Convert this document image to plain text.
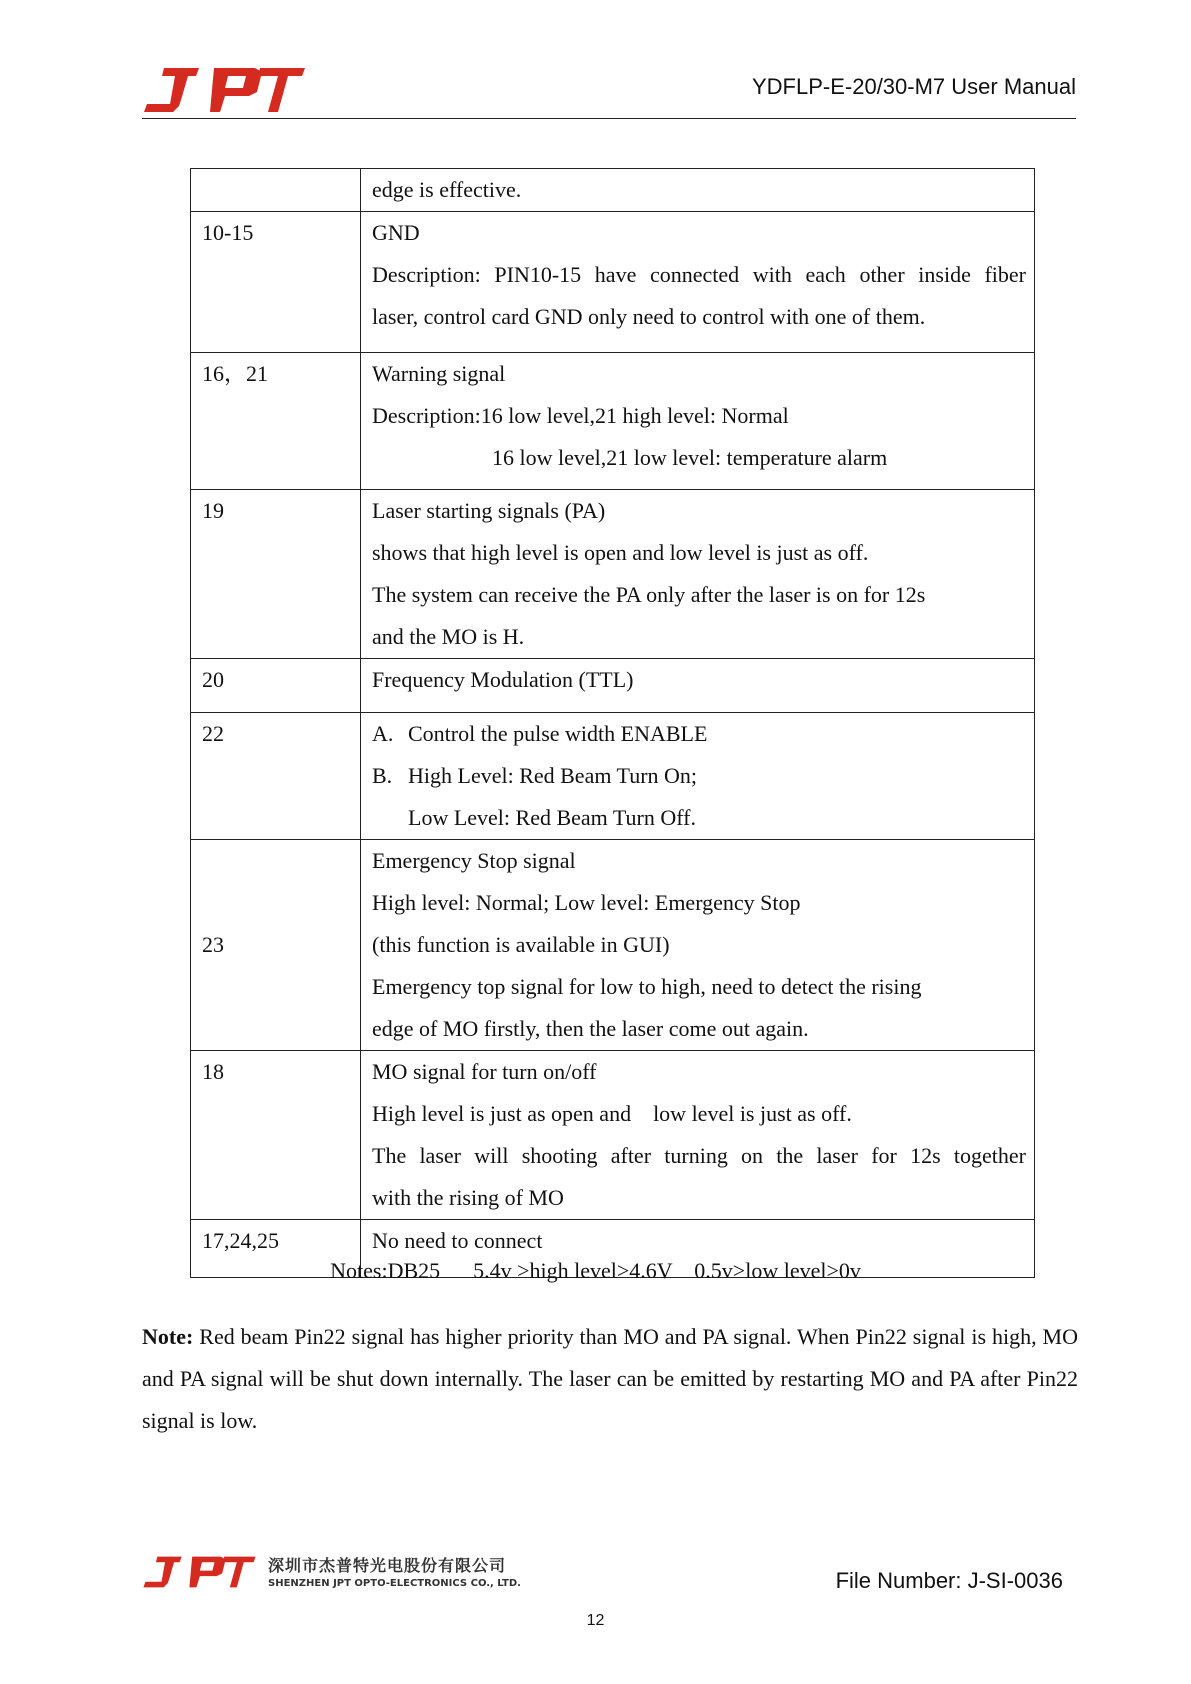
YDFLP-E-20/30-M7 User Manual

	edge is effective.

10-15	GND
Description: PIN10-15 have connected with each other inside fiber
laser, control card GND only need to control with one of them.

16，21	Warning signal
Description:16 low level,21 high level: Normal
16 low level,21 low level: temperature alarm

19	Laser starting signals (PA)
shows that high level is open and low level is just as off.
The system can receive the PA only after the laser is on for 12s
and the MO is H.

20	Frequency Modulation (TTL)

22	A. Control the pulse width ENABLE
B. High Level: Red Beam Turn On;
Low Level: Red Beam Turn Off.

23	Emergency Stop signal
High level: Normal; Low level: Emergency Stop
(this function is available in GUI)
Emergency top signal for low to high, need to detect the rising
edge of MO firstly, then the laser come out again.

18	MO signal for turn on/off
High level is just as open and　low level is just as off.
The laser will shooting after turning on the laser for 12s together
with the rising of MO

17,24,25	No need to connect
Notes:DB25      5.4v >high level>4.6V    0.5v>low level>0v

Note: Red beam Pin22 signal has higher priority than MO and PA signal. When Pin22 signal is high, MO and PA signal will be shut down internally. The laser can be emitted by restarting MO and PA after Pin22 signal is low.

深圳市杰普特光电股份有限公司
SHENZHEN JPT OPTO-ELECTRONICS CO., LTD.	File Number: J-SI-0036
12
